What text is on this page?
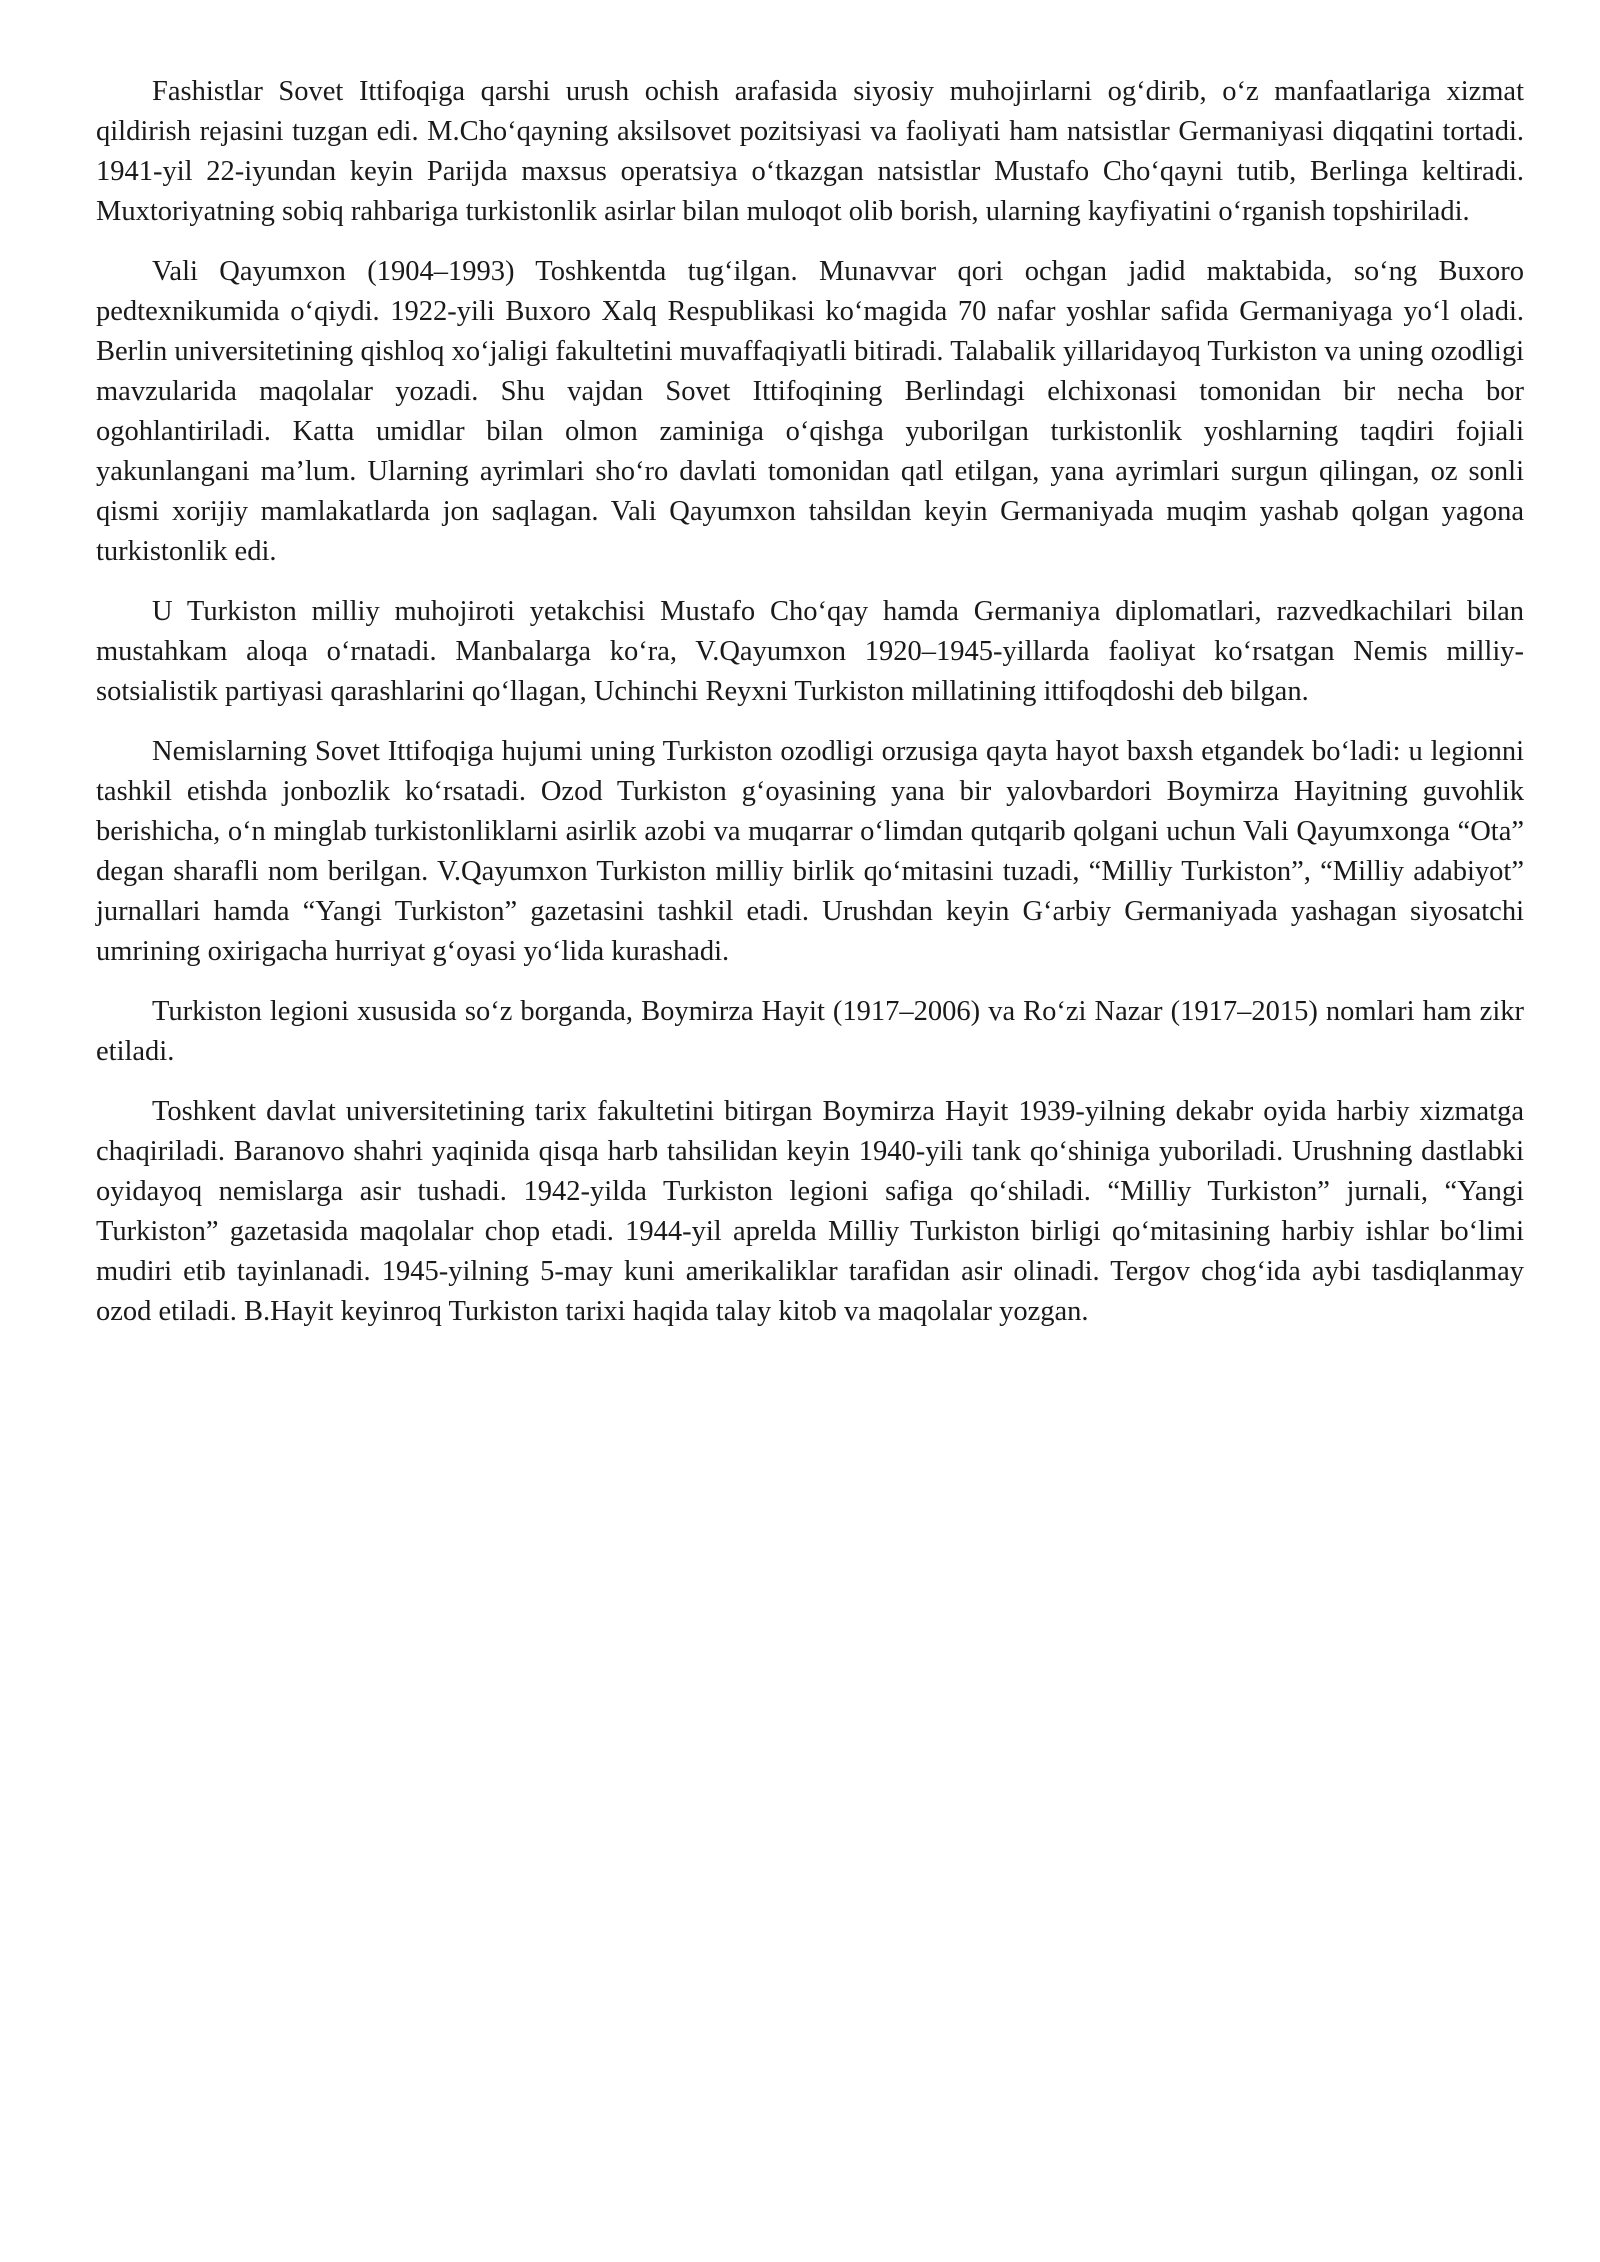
Fashistlar Sovet Ittifoqiga qarshi urush ochish arafasida siyosiy muhojirlarni og‘dirib, o‘z manfaatlariga xizmat qildirish rejasini tuzgan edi. M.Cho‘qayning aksilsovet pozitsiyasi va faoliyati ham natsistlar Germaniyasi diqqatini tortadi. 1941-yil 22-iyundan keyin Parijda maxsus operatsiya o‘tkazgan natsistlar Mustafo Cho‘qayni tutib, Berlinga keltiradi. Muxtoriyatning sobiq rahbariga turkistonlik asirlar bilan muloqot olib borish, ularning kayfiyatini o‘rganish topshiriladi.

Vali Qayumxon (1904–1993) Toshkentda tug‘ilgan. Munavvar qori ochgan jadid maktabida, so‘ng Buxoro pedtexnikumida o‘qiydi. 1922-yili Buxoro Xalq Respublikasi ko‘magida 70 nafar yoshlar safida Germaniyaga yo‘l oladi. Berlin universitetining qishloq xo‘jaligi fakultetini muvaffaqiyatli bitiradi. Talabalik yillaridayoq Turkiston va uning ozodligi mavzularida maqolalar yozadi. Shu vajdan Sovet Ittifoqining Berlindagi elchixonasi tomonidan bir necha bor ogohlantiriladi. Katta umidlar bilan olmon zaminiga o‘qishga yuborilgan turkistonlik yoshlarning taqdiri fojiali yakunlangani ma’lum. Ularning ayrimlari sho‘ro davlati tomonidan qatl etilgan, yana ayrimlari surgun qilingan, oz sonli qismi xorijiy mamlakatlarda jon saqlagan. Vali Qayumxon tahsildan keyin Germaniyada muqim yashab qolgan yagona turkistonlik edi.

U Turkiston milliy muhojiroti yetakchisi Mustafo Cho‘qay hamda Germaniya diplomatlari, razvedkachilari bilan mustahkam aloqa o‘rnatadi. Manbalarga ko‘ra, V.Qayumxon 1920–1945-yillarda faoliyat ko‘rsatgan Nemis milliy-sotsialistik partiyasi qarashlarini qo‘llagan, Uchinchi Reyxni Turkiston millatining ittifoqdoshi deb bilgan.

Nemislarning Sovet Ittifoqiga hujumi uning Turkiston ozodligi orzusiga qayta hayot baxsh etgandek bo‘ladi: u legionni tashkil etishda jonbozlik ko‘rsatadi. Ozod Turkiston g‘oyasining yana bir yalovbardori Boymirza Hayitning guvohlik berishicha, o‘n minglab turkistonliklarni asirlik azobi va muqarrar o‘limdan qutqarib qolgani uchun Vali Qayumxonga “Ota” degan sharafli nom berilgan. V.Qayumxon Turkiston milliy birlik qo‘mitasini tuzadi, “Milliy Turkiston”, “Milliy adabiyot” jurnallari hamda “Yangi Turkiston” gazetasini tashkil etadi. Urushdan keyin G‘arbiy Germaniyada yashagan siyosatchi umrining oxirigacha hurriyat g‘oyasi yo‘lida kurashadi.

Turkiston legioni xususida so‘z borganda, Boymirza Hayit (1917–2006) va Ro‘zi Nazar (1917–2015) nomlari ham zikr etiladi.

Toshkent davlat universitetining tarix fakultetini bitirgan Boymirza Hayit 1939-yilning dekabr oyida harbiy xizmatga chaqiriladi. Baranovo shahri yaqinida qisqa harb tahsilidan keyin 1940-yili tank qo‘shiniga yuboriladi. Urushning dastlabki oyidayoq nemislarga asir tushadi. 1942-yilda Turkiston legioni safiga qo‘shiladi. “Milliy Turkiston” jurnali, “Yangi Turkiston” gazetasida maqolalar chop etadi. 1944-yil aprelda Milliy Turkiston birligi qo‘mitasining harbiy ishlar bo‘limi mudiri etib tayinlanadi. 1945-yilning 5-may kuni amerikaliklar tarafidan asir olinadi. Tergov chog‘ida aybi tasdiqlanmay ozod etiladi. B.Hayit keyinroq Turkiston tarixi haqida talay kitob va maqolalar yozgan.
